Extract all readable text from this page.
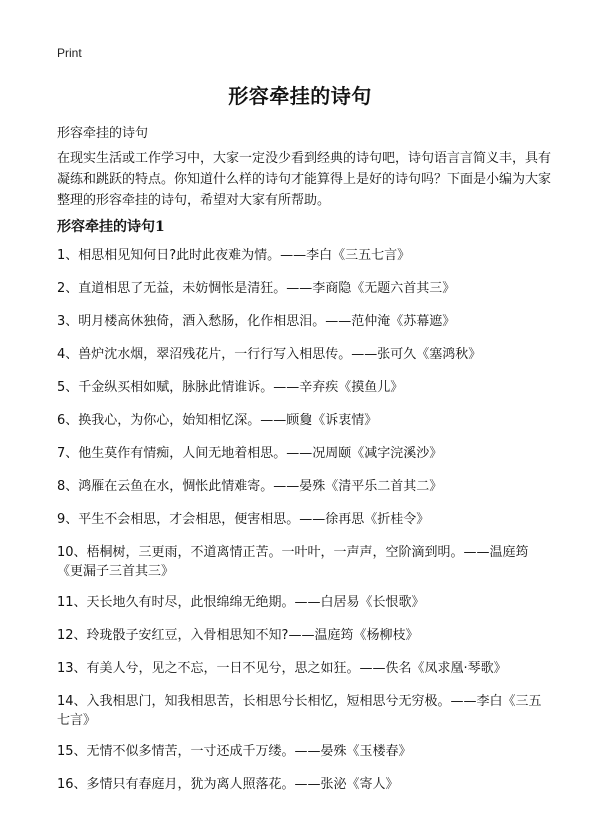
Print
形容牵挂的诗句
形容牵挂的诗句
在现实生活或工作学习中，大家一定没少看到经典的诗句吧，诗句语言言简义丰，具有凝练和跳跃的特点。你知道什么样的诗句才能算得上是好的诗句吗？下面是小编为大家整理的形容牵挂的诗句，希望对大家有所帮助。
形容牵挂的诗句1
1、相思相见知何日?此时此夜难为情。——李白《三五七言》
2、直道相思了无益，未妨惆怅是清狂。——李商隐《无题六首其三》
3、明月楼高休独倚，酒入愁肠，化作相思泪。——范仲淹《苏幕遮》
4、兽炉沈水烟，翠沼残花片，一行行写入相思传。——张可久《塞鸿秋》
5、千金纵买相如赋，脉脉此情谁诉。——辛弃疾《摸鱼儿》
6、换我心，为你心，始知相忆深。——顾敻《诉衷情》
7、他生莫作有情痴，人间无地着相思。——况周颐《减字浣溪沙》
8、鸿雁在云鱼在水，惆怅此情难寄。——晏殊《清平乐二首其二》
9、平生不会相思，才会相思，便害相思。——徐再思《折桂令》
10、梧桐树，三更雨，不道离情正苦。一叶叶，一声声，空阶滴到明。——温庭筠《更漏子三首其三》
11、天长地久有时尽，此恨绵绵无绝期。——白居易《长恨歌》
12、玲珑骰子安红豆，入骨相思知不知?——温庭筠《杨柳枝》
13、有美人兮，见之不忘，一日不见兮，思之如狂。——佚名《凤求凰·琴歌》
14、入我相思门，知我相思苦，长相思兮长相忆，短相思兮无穷极。——李白《三五七言》
15、无情不似多情苦，一寸还成千万缕。——晏殊《玉楼春》
16、多情只有春庭月，犹为离人照落花。——张泌《寄人》
